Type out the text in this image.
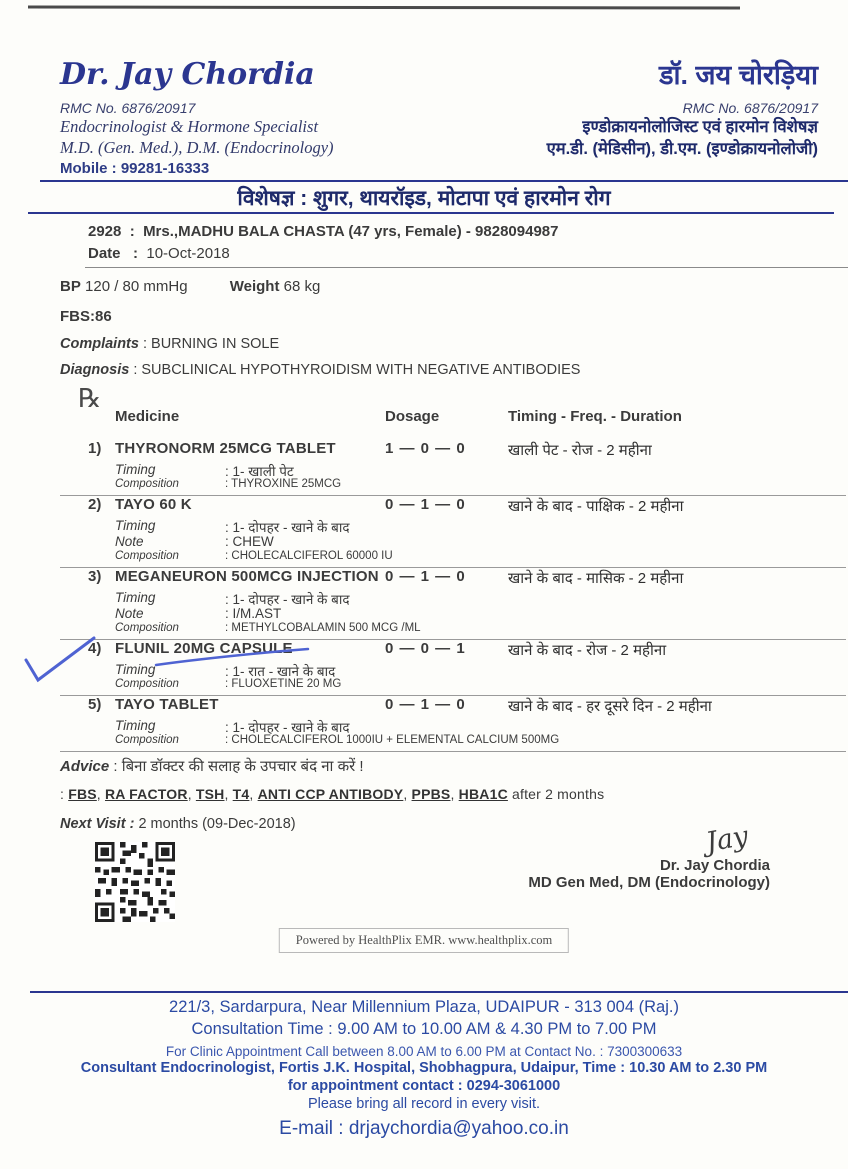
Dr. Jay Chordia
RMC No. 6876/20917
Endocrinologist & Hormone Specialist
M.D. (Gen. Med.), D.M. (Endocrinology)
Mobile : 99281-16333
डॉ. जय चोरड़िया
RMC No. 6876/20917
इण्डोक्रायनोलोजिस्ट एवं हारमोन विशेषज्ञ
एम.डी. (मेडिसीन), डी.एम. (इण्डोक्रायनोलोजी)
विशेषज्ञ : शुगर, थायरॉइड, मोटापा एवं हारमोन रोग
2928 : Mrs.,MADHU BALA CHASTA (47 yrs, Female) - 9828094987
Date : 10-Oct-2018
BP 120 / 80 mmHg	Weight 68 kg
FBS:86
Complaints : BURNING IN SOLE
Diagnosis : SUBCLINICAL HYPOTHYROIDISM WITH NEGATIVE ANTIBODIES
℞
Medicine	Dosage	Timing - Freq. - Duration
1) THYRONORM 25MCG TABLET	1 — 0 — 0	खाली पेट - रोज - 2 महीना
Timing	: 1- खाली पेट
Composition	: THYROXINE 25MCG
2) TAYO 60 K	0 — 1 — 0	खाने के बाद - पाक्षिक - 2 महीना
Timing	: 1- दोपहर - खाने के बाद
Note	: CHEW
Composition	: CHOLECALCIFEROL 60000 IU
3) MEGANEURON 500MCG INJECTION 0 — 1 — 0	खाने के बाद - मासिक - 2 महीना
Timing	: 1- दोपहर - खाने के बाद
Note	: I/M.AST
Composition	: METHYLCOBALAMIN 500 MCG /ML
4) FLUNIL 20MG CAPSULE	0 — 0 — 1	खाने के बाद - रोज - 2 महीना
Timing	: 1- रात - खाने के बाद
Composition	: FLUOXETINE 20 MG
5) TAYO TABLET	0 — 1 — 0	खाने के बाद - हर दूसरे दिन - 2 महीना
Timing	: 1- दोपहर - खाने के बाद
Composition	: CHOLECALCIFEROL 1000IU + ELEMENTAL CALCIUM 500MG
Advice : बिना डॉक्टर की सलाह के उपचार बंद ना करें !
: FBS, RA FACTOR, TSH, T4, ANTI CCP ANTIBODY, PPBS, HBA1C after 2 months
Next Visit : 2 months (09-Dec-2018)	Jay
Dr. Jay Chordia
MD Gen Med, DM (Endocrinology)
Powered by HealthPlix EMR. www.healthplix.com
221/3, Sardarpura, Near Millennium Plaza, UDAIPUR - 313 004 (Raj.)
Consultation Time : 9.00 AM to 10.00 AM & 4.30 PM to 7.00 PM
For Clinic Appointment Call between 8.00 AM to 6.00 PM at Contact No. : 7300300633
Consultant Endocrinologist, Fortis J.K. Hospital, Shobhagpura, Udaipur, Time : 10.30 AM to 2.30 PM
for appointment contact : 0294-3061000
Please bring all record in every visit.
E-mail : drjaychordia@yahoo.co.in
